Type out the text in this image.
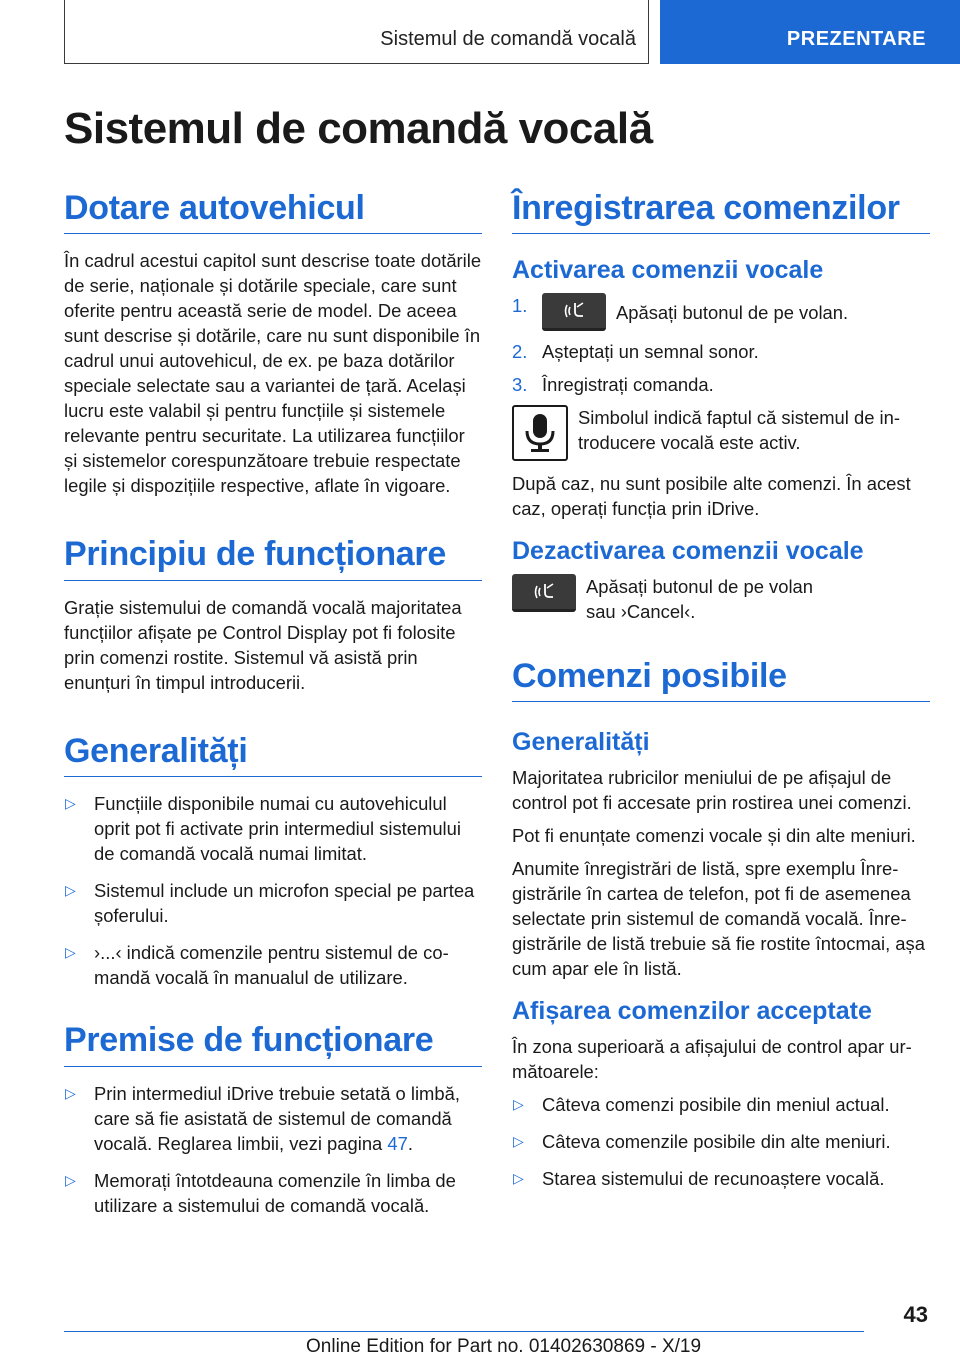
Sistemul de comandă vocală	PREZENTARE
Sistemul de comandă vocală
Dotare autovehicul

În cadrul acestui capitol sunt descrise toate dotările de serie, naționale și dotările speciale, care sunt oferite pentru această serie de model. De aceea sunt descrise și dotările, care nu sunt disponibile în cadrul unui autovehicul, de ex. pe baza dotărilor speciale selectate sau a variantei de țară. Același lucru este valabil și pentru funcțiile și sistemele relevante pentru securitate. La utilizarea funcțiilor și sistemelor corespunzătoare trebuie respectate legile și dispozițiile respective, aflate în vigoare.

Principiu de funcționare

Grație sistemului de comandă vocală majoritatea funcțiilor afișate pe Control Display pot fi folosite prin comenzi rostite. Sistemul vă asistă prin enunțuri în timpul introducerii.

Generalități
▷ Funcțiile disponibile numai cu autovehiculul oprit pot fi activate prin intermediul sistemului de comandă vocală numai limitat.
▷ Sistemul include un microfon special pe partea șoferului.
▷ ›...‹ indică comenzile pentru sistemul de comandă vocală în manualul de utilizare.
Premise de funcționare
▷ Prin intermediul iDrive trebuie setată o limbă, care să fie asistată de sistemul de comandă vocală. Reglarea limbii, vezi pagina 47.
▷ Memorați întotdeauna comenzile în limba de utilizare a sistemului de comandă vocală.
Înregistrarea comenzilor
Activarea comenzii vocale
1.	Apăsați butonul de pe volan.
2. Așteptați un semnal sonor.
3. Înregistrați comanda.

Simbolul indică faptul că sistemul de introducere vocală este activ.

După caz, nu sunt posibile alte comenzi. În acest caz, operați funcția prin iDrive.

Dezactivarea comenzii vocale

Apăsați butonul de pe volan sau ›Cancel‹.

Comenzi posibile
Generalități

Majoritatea rubricilor meniului de pe afișajul de control pot fi accesate prin rostirea unei comenzi.

Pot fi enunțate comenzi vocale și din alte meniuri.

Anumite înregistrări de listă, spre exemplu Înregistrările în cartea de telefon, pot fi de asemenea selectate prin sistemul de comandă vocală. Înregistrările de listă trebuie să fie rostite întocmai, așa cum apar ele în listă.

Afișarea comenzilor acceptate

În zona superioară a afișajului de control apar următoarele:

▷ Câteva comenzi posibile din meniul actual.
▷ Câteva comenzile posibile din alte meniuri.
▷ Starea sistemului de recunoaștere vocală.
43
Online Edition for Part no. 01402630869 - X/19
